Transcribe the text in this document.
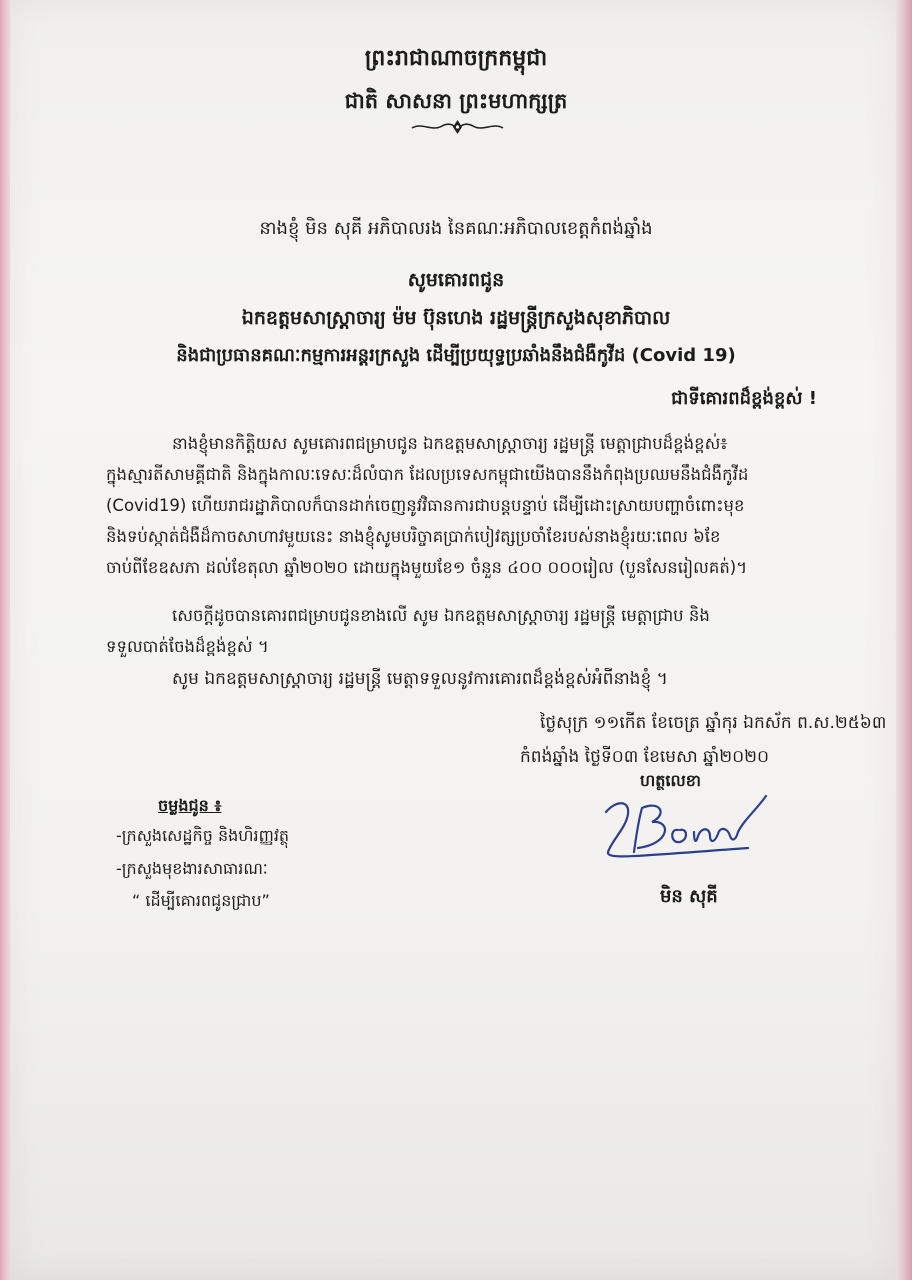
ព្រះរាជាណាចក្រកម្ពុជា
ជាតិ សាសនា ព្រះមហាក្សត្រ
នាងខ្ញុំ មិន សុគី អភិបាលរង នៃគណៈអភិបាលខេត្តកំពង់ឆ្នាំង
សូមគោរពជូន
ឯកឧត្តមសាស្ត្រាចារ្យ ម៉ម ប៊ុនហេង រដ្ឋមន្ត្រីក្រសួងសុខាភិបាល
និងជាប្រធានគណៈកម្មការអន្តរក្រសួង ដើម្បីប្រយុទ្ធប្រឆាំងនឹងជំងឺកូវីដ (Covid 19)
ជាទីគោរពដ៏ខ្ពង់ខ្ពស់ !
នាងខ្ញុំមានកិត្តិយស សូមគោរពជម្រាបជូន ឯកឧត្តមសាស្ត្រាចារ្យ រដ្ឋមន្ត្រី មេត្តាជ្រាបដ៏ខ្ពង់ខ្ពស់៖
ក្នុងស្មារតីសាមគ្គីជាតិ និងក្នុងកាលៈទេសៈដ៏លំបាក ដែលប្រទេសកម្ពុជាយើងបាននឹងកំពុងប្រឈមនឹងជំងឺកូវីដ
(Covid19) ហើយរាជរដ្ឋាភិបាលក៏បានដាក់ចេញនូវវិធានការជាបន្តបន្ទាប់ ដើម្បីដោះស្រាយបញ្ហាចំពោះមុខ
និងទប់ស្កាត់ជំងឺដ៏កាចសាហាវមួយនេះ នាងខ្ញុំសូមបរិច្ចាគប្រាក់បៀវត្សប្រចាំខែរបស់នាងខ្ញុំរយៈពេល ៦ខែ
ចាប់ពីខែឧសភា ដល់ខែតុលា ឆ្នាំ២០២០ ដោយក្នុងមួយខែ១ ចំនួន ៤០០ ០០០រៀល (បួនសែនរៀលគត់)។
សេចក្តីដូចបានគោរពជម្រាបជូនខាងលើ សូម ឯកឧត្តមសាស្ត្រាចារ្យ រដ្ឋមន្ត្រី មេត្តាជ្រាប និង
ទទួលបាត់ចែងដ៏ខ្ពង់ខ្ពស់ ។
សូម ឯកឧត្តមសាស្ត្រាចារ្យ រដ្ឋមន្ត្រី មេត្តាទទួលនូវការគោរពដ៏ខ្ពង់ខ្ពស់អំពីនាងខ្ញុំ ។
ថ្ងៃសុក្រ ១១កើត ខែចេត្រ ឆ្នាំកុរ ឯកស័ក ព.ស.២៥៦៣
កំពង់ឆ្នាំង ថ្ងៃទី០៣ ខែមេសា ឆ្នាំ២០២០
ហត្ថលេខា
មិន សុគី
ចម្លងជូន ៖
-ក្រសួងសេដ្ឋកិច្ច និងហិរញ្ញវត្ថុ
-ក្រសួងមុខងារសាធារណៈ
“ ដើម្បីគោរពជូនជ្រាប”
